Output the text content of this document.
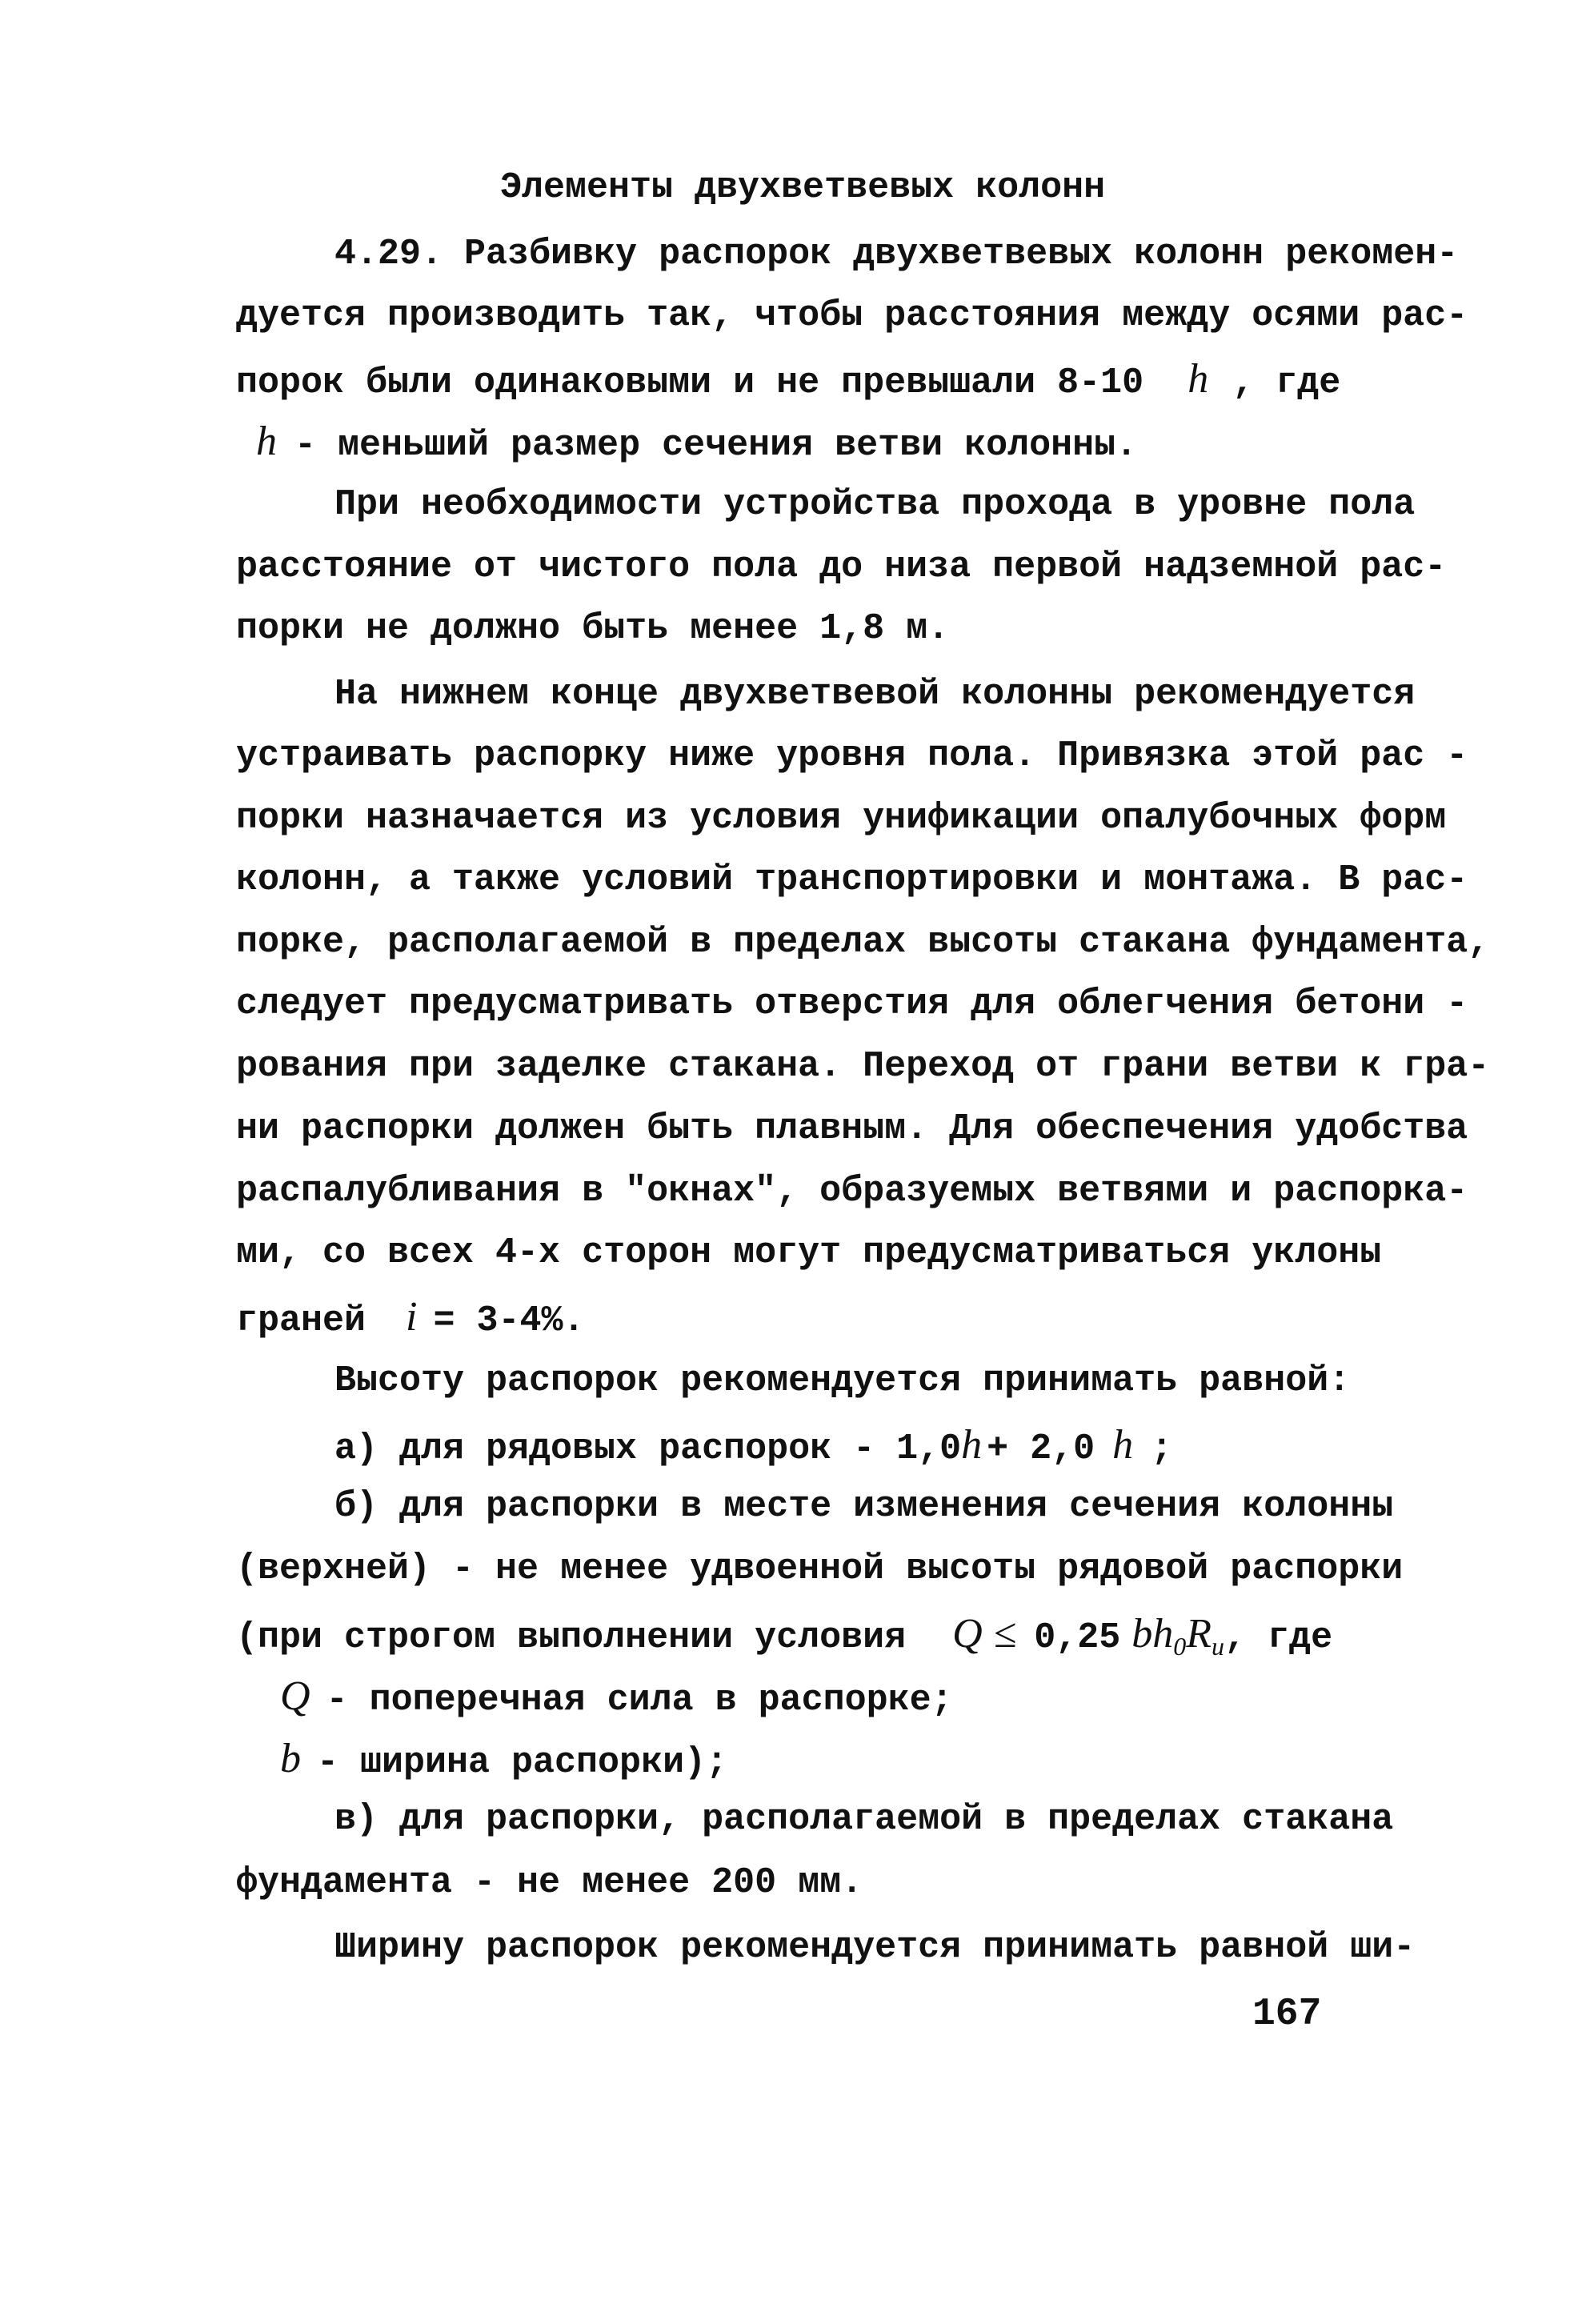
Элементы двухветвевых колонн
4.29. Разбивку распорок двухветвевых колонн рекомен-
дуется производить так, чтобы расстояния между осями рас-
порок были одинаковыми и не превышали 8-10 h , где
h - меньший размер сечения ветви колонны.
При необходимости устройства прохода в уровне пола
расстояние от чистого пола до низа первой надземной рас-
порки не должно быть менее 1,8 м.
На нижнем конце двухветвевой колонны рекомендуется
устраивать распорку ниже уровня пола. Привязка этой рас -
порки назначается из условия унификации опалубочных форм
колонн, а также условий транспортировки и монтажа. В рас-
порке, располагаемой в пределах высоты стакана фундамента,
следует предусматривать отверстия для облегчения бетони -
рования при заделке стакана. Переход от грани ветви к гра-
ни распорки должен быть плавным. Для обеспечения удобства
распалубливания в "окнах", образуемых ветвями и распорка-
ми, со всех 4-х сторон могут предусматриваться уклоны
граней i = 3-4%.
Высоту распорок рекомендуется принимать равной:
а) для рядовых распорок - 1,0h + 2,0 h ;
б) для распорки в месте изменения сечения колонны
(верхней) - не менее удвоенной высоты рядовой распорки
(при строгом выполнении условия Q ≤ 0,25 $bh_0R_u$, где
Q - поперечная сила в распорке;
b - ширина распорки);
в) для распорки, располагаемой в пределах стакана
фундамента - не менее 200 мм.
Ширину распорок рекомендуется принимать равной ши-
167
